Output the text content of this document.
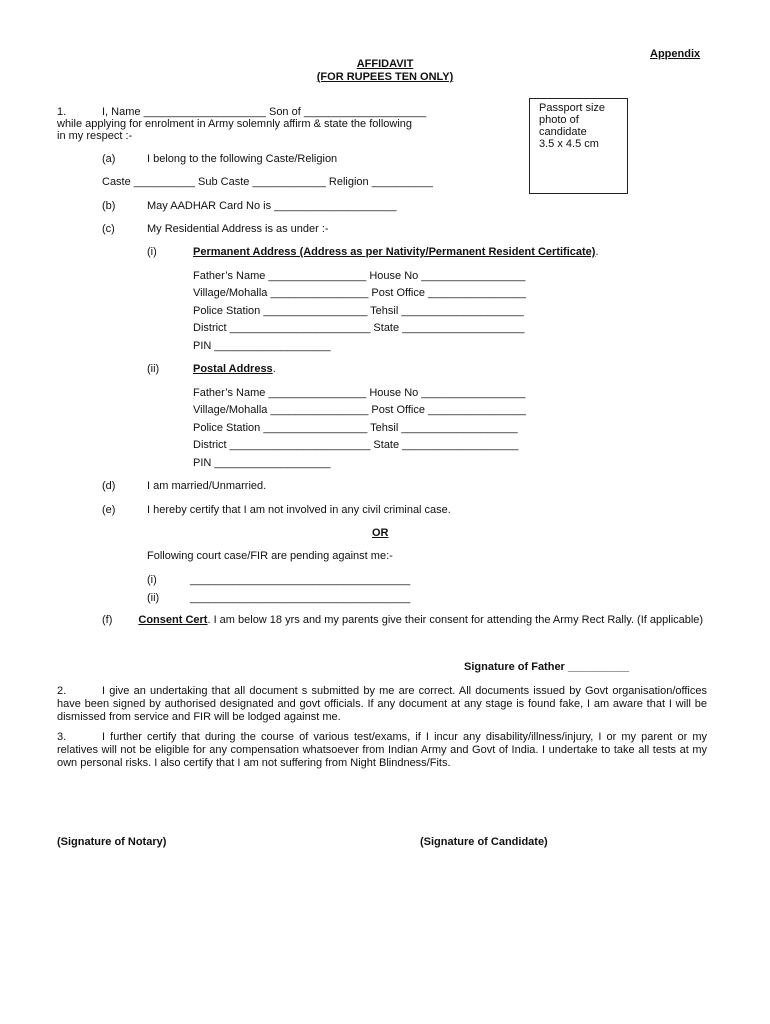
Appendix
AFFIDAVIT
(FOR RUPEES TEN ONLY)
Passport size
photo of
candidate
3.5 x 4.5 cm
1.	I, Name ____________________ Son of ____________________
while applying for enrolment in Army solemnly affirm & state the following
in my respect :-
(a)	I belong to the following Caste/Religion
Caste __________ Sub Caste ____________ Religion __________
(b)	May AADHAR Card No is ____________________
(c)	My Residential Address is as under :-
(i)	Permanent Address (Address as per Nativity/Permanent Resident Certificate).
Father’s Name ________________ House No _________________
Village/Mohalla ________________ Post Office ________________
Police Station _________________ Tehsil ____________________
District _______________________ State ____________________
PIN ___________________
(ii)	Postal Address.
Father’s Name ________________ House No _________________
Village/Mohalla ________________ Post Office ________________
Police Station _________________ Tehsil ___________________
District _______________________ State ___________________
PIN ___________________
(d)	I am married/Unmarried.
(e)	I hereby certify that I am not involved in any civil criminal case.
OR
Following court case/FIR are pending against me:-
(i)	____________________________________
(ii)	____________________________________
(f) Consent Cert. I am below 18 yrs and my parents give their consent for attending the Army Rect Rally. (If applicable)
Signature of Father __________
2.	I give an undertaking that all document s submitted by me are correct. All documents issued by Govt organisation/offices have been signed by authorised designated and govt officials. If any document at any stage is found fake, I am aware that I will be dismissed from service and FIR will be lodged against me.
3.	I further certify that during the course of various test/exams, if I incur any disability/illness/injury, I or my parent or my relatives will not be eligible for any compensation whatsoever from Indian Army and Govt of India. I undertake to take all tests at my own personal risks. I also certify that I am not suffering from Night Blindness/Fits.
(Signature of Notary)	(Signature of Candidate)
